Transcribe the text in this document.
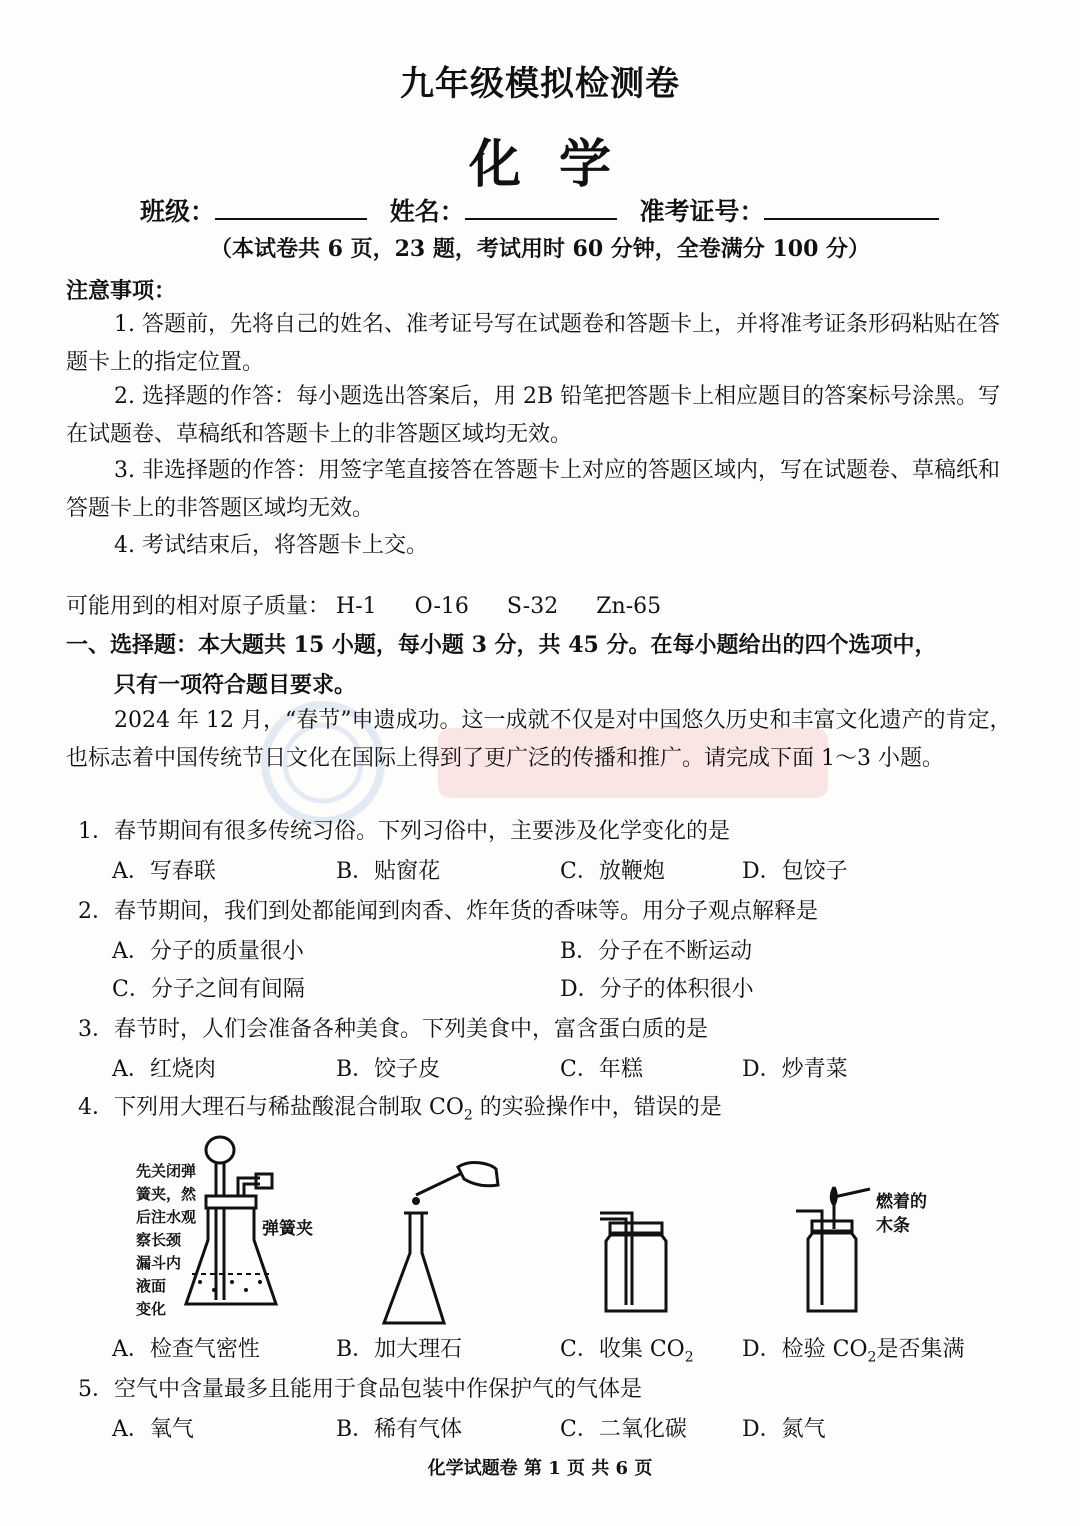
九年级模拟检测卷
化学
班级：	姓名：	准考证号：
（本试卷共 6 页，23 题，考试用时 60 分钟，全卷满分 100 分）
注意事项：
1. 答题前，先将自己的姓名、准考证号写在试题卷和答题卡上，并将准考证条形码粘贴在答题卡上的指定位置。
2. 选择题的作答：每小题选出答案后，用 2B 铅笔把答题卡上相应题目的答案标号涂黑。写在试题卷、草稿纸和答题卡上的非答题区域均无效。
3. 非选择题的作答：用签字笔直接答在答题卡上对应的答题区域内，写在试题卷、草稿纸和答题卡上的非答题区域均无效。
4. 考试结束后，将答题卡上交。
可能用到的相对原子质量： H-1 O-16 S-32 Zn-65
一、选择题：本大题共 15 小题，每小题 3 分，共 45 分。在每小题给出的四个选项中，
只有一项符合题目要求。
2024 年 12 月，“春节”申遗成功。这一成就不仅是对中国悠久历史和丰富文化遗产的肯定，也标志着中国传统节日文化在国际上得到了更广泛的传播和推广。请完成下面 1～3 小题。
1．春节期间有很多传统习俗。下列习俗中，主要涉及化学变化的是
A．写春联	B．贴窗花	C．放鞭炮	D．包饺子
2．春节期间，我们到处都能闻到肉香、炸年货的香味等。用分子观点解释是
A．分子的质量很小	B．分子在不断运动
C．分子之间有间隔	D．分子的体积很小
3．春节时，人们会准备各种美食。下列美食中，富含蛋白质的是
A．红烧肉	B．饺子皮	C．年糕	D．炒青菜
4．下列用大理石与稀盐酸混合制取 $CO_2$ 的实验操作中，错误的是
先关闭弹
簧夹，然
后注水观
察长颈
漏斗内
液面
变化
弹簧夹
燃着的
木条
A．检查气密性	B．加大理石	C．收集 $CO_2$ D．检验 $CO_2$是否集满
5．空气中含量最多且能用于食品包装中作保护气的气体是
A．氧气	B．稀有气体	C．二氧化碳	D．氮气
化学试题卷 第 1 页 共 6 页
